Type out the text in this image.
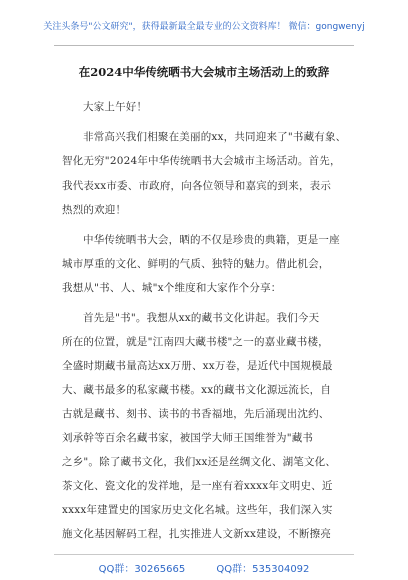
关注头条号"公文研究"，获得最新最全最专业的公文资料库！ 微信：gongwenyj
在2024中华传统晒书大会城市主场活动上的致辞
大家上午好！
非常高兴我们相聚在美丽的xx，共同迎来了"书藏有象、
智化无穷"2024年中华传统晒书大会城市主场活动。首先，
我代表xx市委、市政府，向各位领导和嘉宾的到来，表示
热烈的欢迎！
中华传统晒书大会，晒的不仅是珍贵的典籍，更是一座
城市厚重的文化、鲜明的气质、独特的魅力。借此机会，
我想从"书、人、城"x个维度和大家作个分享：
首先是"书"。我想从xx的藏书文化讲起。我们今天
所在的位置，就是"江南四大藏书楼"之一的嘉业藏书楼，
全盛时期藏书量高达xx万册、xx万卷，是近代中国规模最
大、藏书最多的私家藏书楼。xx的藏书文化源远流长，自
古就是藏书、刻书、读书的书香福地，先后涌现出沈约、
刘承幹等百余名藏书家，被国学大师王国维誉为"藏书
之乡"。除了藏书文化，我们xx还是丝绸文化、湖笔文化、
茶文化、瓷文化的发祥地，是一座有着xxxx年文明史、近
xxxx年建置史的国家历史文化名城。这些年，我们深入实
施文化基因解码工程，扎实推进人文新xx建设，不断擦亮
QQ群：30265665	QQ群：535304092
